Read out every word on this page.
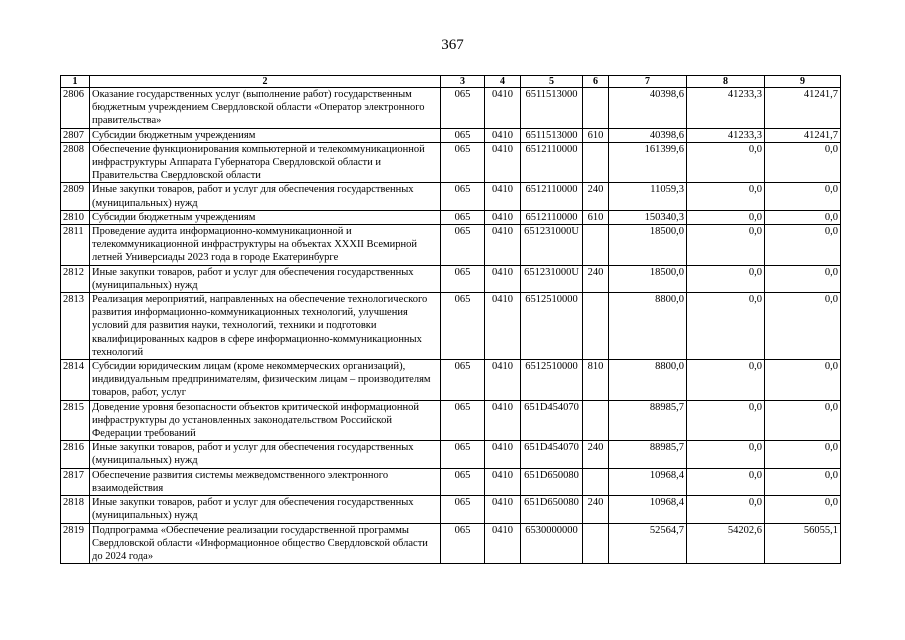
367
1	2	3	4	5	6	7	8	9
2806	Оказание государственных услуг (выполнение работ) государственным бюджетным учреждением Свердловской области «Оператор электронного правительства»	065	0410	6511513000		40398,6	41233,3	41241,7
2807	Субсидии бюджетным учреждениям	065	0410	6511513000	610	40398,6	41233,3	41241,7
2808	Обеспечение функционирования компьютерной и телекоммуникационной инфраструктуры Аппарата Губернатора Свердловской области и Правительства Свердловской области	065	0410	6512110000		161399,6	0,0	0,0
2809	Иные закупки товаров, работ и услуг для обеспечения государственных (муниципальных) нужд	065	0410	6512110000	240	11059,3	0,0	0,0
2810	Субсидии бюджетным учреждениям	065	0410	6512110000	610	150340,3	0,0	0,0
2811	Проведение аудита информационно-коммуникационной и телекоммуникационной инфраструктуры на объектах XXXII Всемирной летней Универсиады 2023 года в городе Екатеринбурге	065	0410	651231000U		18500,0	0,0	0,0
2812	Иные закупки товаров, работ и услуг для обеспечения государственных (муниципальных) нужд	065	0410	651231000U	240	18500,0	0,0	0,0
2813	Реализация мероприятий, направленных на обеспечение технологического развития информационно-коммуникационных технологий, улучшения условий для развития науки, технологий, техники и подготовки квалифицированных кадров в сфере информационно-коммуникационных технологий	065	0410	6512510000		8800,0	0,0	0,0
2814	Субсидии юридическим лицам (кроме некоммерческих организаций), индивидуальным предпринимателям, физическим лицам – производителям товаров, работ, услуг	065	0410	6512510000	810	8800,0	0,0	0,0
2815	Доведение уровня безопасности объектов критической информационной инфраструктуры до установленных законодательством Российской Федерации требований	065	0410	651D454070		88985,7	0,0	0,0
2816	Иные закупки товаров, работ и услуг для обеспечения государственных (муниципальных) нужд	065	0410	651D454070	240	88985,7	0,0	0,0
2817	Обеспечение развития системы межведомственного электронного взаимодействия	065	0410	651D650080		10968,4	0,0	0,0
2818	Иные закупки товаров, работ и услуг для обеспечения государственных (муниципальных) нужд	065	0410	651D650080	240	10968,4	0,0	0,0
2819	Подпрограмма «Обеспечение реализации государственной программы Свердловской области «Информационное общество Свердловской области до 2024 года»	065	0410	6530000000		52564,7	54202,6	56055,1
